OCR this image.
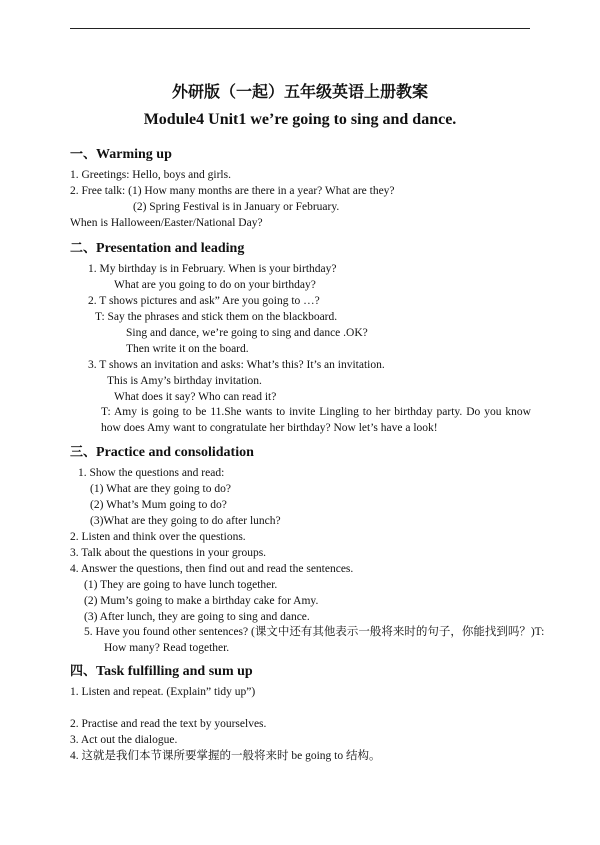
外研版（一起）五年级英语上册教案
Module4 Unit1 we’re going to sing and dance.
一、Warming up
1. Greetings: Hello, boys and girls.
2. Free talk: (1) How many months are there in a year? What are they?
(2) Spring Festival is in January or February.
When is Halloween/Easter/National Day?
二、Presentation and leading
1. My birthday is in February. When is your birthday?
What are you going to do on your birthday?
2. T shows pictures and ask” Are you going to …?
T: Say the phrases and stick them on the blackboard.
Sing and dance, we’re going to sing and dance .OK?
Then write it on the board.
3. T shows an invitation and asks: What’s this? It’s an invitation.
This is Amy’s birthday invitation.
What does it say? Who can read it?
T: Amy is going to be 11.She wants to invite Lingling to her birthday party. Do you know how does Amy want to congratulate her birthday? Now let’s have a look!
三、Practice and consolidation
1. Show the questions and read:
(1) What are they going to do?
(2) What’s Mum going to do?
(3)What are they going to do after lunch?
2. Listen and think over the questions.
3. Talk about the questions in your groups.
4. Answer the questions, then find out and read the sentences.
(1) They are going to have lunch together.
(2) Mum’s going to make a birthday cake for Amy.
(3) After lunch, they are going to sing and dance.
5. Have you found other sentences? (课文中还有其他表示一般将来时的句子，你能找到吗？)T: How many? Read together.
四、Task fulfilling and sum up
1. Listen and repeat. (Explain” tidy up”)
2. Practise and read the text by yourselves.
3. Act out the dialogue.
4. 这就是我们本节课所要掌握的一般将来时 be going to 结构。
